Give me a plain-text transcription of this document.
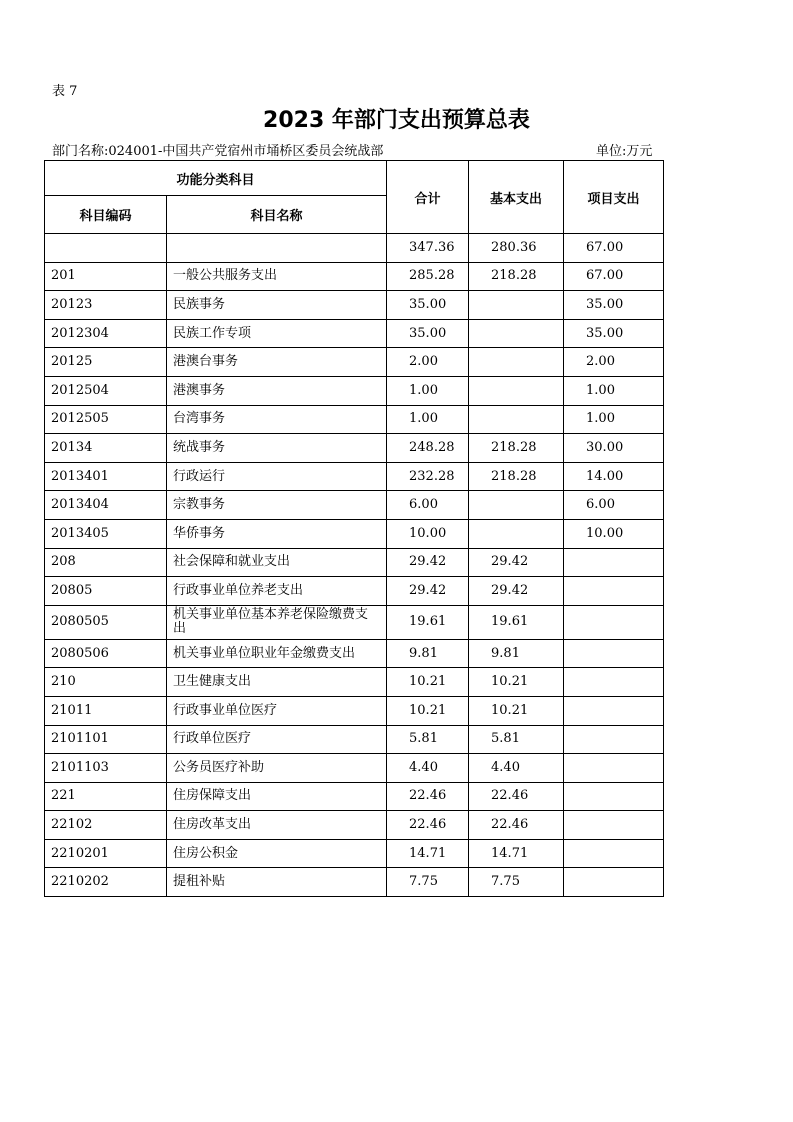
表 7
2023 年部门支出预算总表
部门名称:024001-中国共产党宿州市埇桥区委员会统战部	单位:万元
功能分类科目		合计	基本支出	项目支出
科目编码	科目名称			
		347.36	280.36	67.00
201	一般公共服务支出	285.28	218.28	67.00
20123	民族事务	35.00		35.00
2012304	民族工作专项	35.00		35.00
20125	港澳台事务	2.00		2.00
2012504	港澳事务	1.00		1.00
2012505	台湾事务	1.00		1.00
20134	统战事务	248.28	218.28	30.00
2013401	行政运行	232.28	218.28	14.00
2013404	宗教事务	6.00		6.00
2013405	华侨事务	10.00		10.00
208	社会保障和就业支出	29.42	29.42	
20805	行政事业单位养老支出	29.42	29.42	
2080505	机关事业单位基本养老保险缴费支出	19.61	19.61	
2080506	机关事业单位职业年金缴费支出	9.81	9.81	
210	卫生健康支出	10.21	10.21	
21011	行政事业单位医疗	10.21	10.21	
2101101	行政单位医疗	5.81	5.81	
2101103	公务员医疗补助	4.40	4.40	
221	住房保障支出	22.46	22.46	
22102	住房改革支出	22.46	22.46	
2210201	住房公积金	14.71	14.71	
2210202	提租补贴	7.75	7.75	
